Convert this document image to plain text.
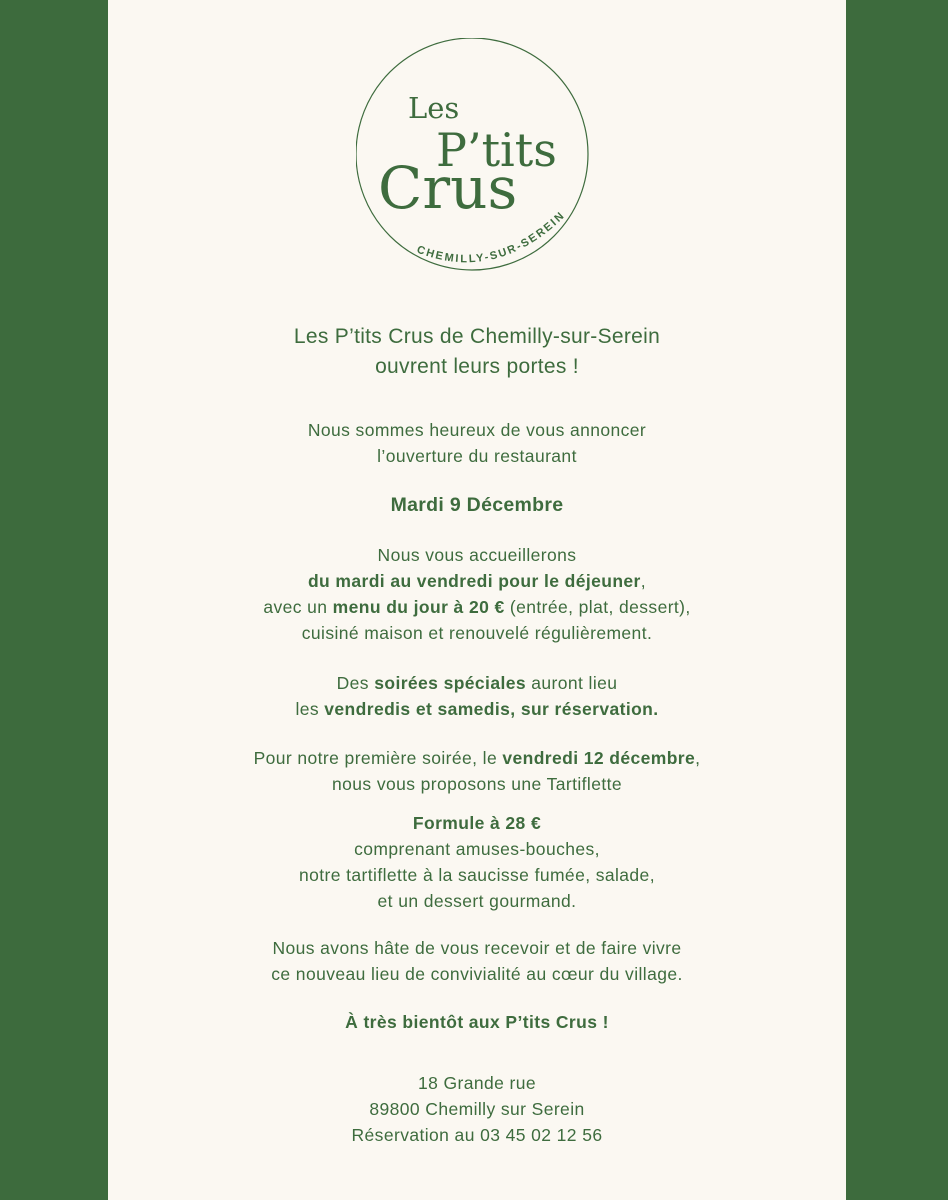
Les
P’tits
Crus
CHEMILLY-SUR-SEREIN
Les P’tits Crus de Chemilly-sur-Serein
ouvrent leurs portes !
Nous sommes heureux de vous annoncer
l’ouverture du restaurant
Mardi 9 Décembre
Nous vous accueillerons
du mardi au vendredi pour le déjeuner,
avec un menu du jour à 20 € (entrée, plat, dessert),
cuisiné maison et renouvelé régulièrement.
Des soirées spéciales auront lieu
les vendredis et samedis, sur réservation.
Pour notre première soirée, le vendredi 12 décembre,
nous vous proposons une Tartiflette
Formule à 28 €
comprenant amuses-bouches,
notre tartiflette à la saucisse fumée, salade,
et un dessert gourmand.
Nous avons hâte de vous recevoir et de faire vivre
ce nouveau lieu de convivialité au cœur du village.
À très bientôt aux P’tits Crus !
18 Grande rue
89800 Chemilly sur Serein
Réservation au 03 45 02 12 56
